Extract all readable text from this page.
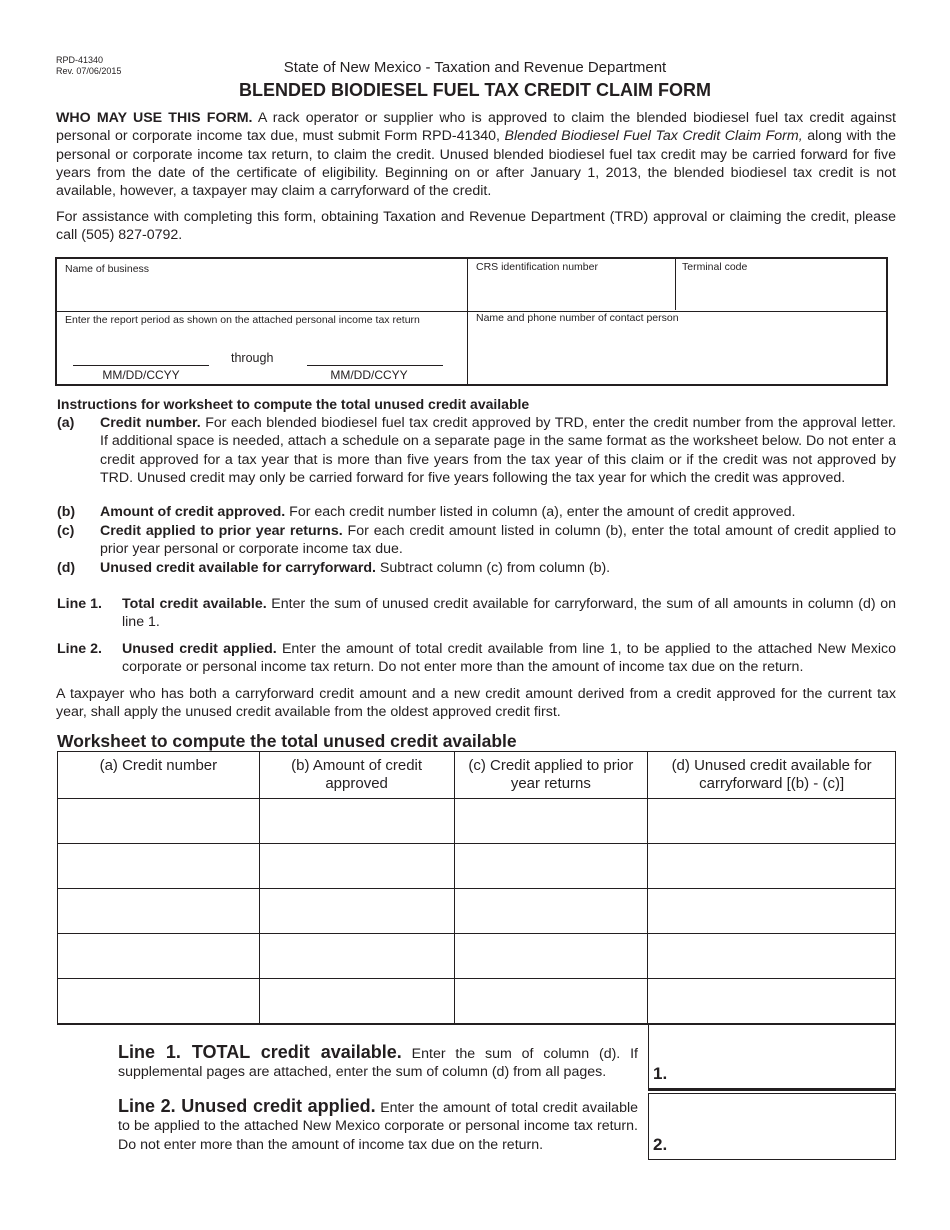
RPD-41340
Rev. 07/06/2015	State of New Mexico - Taxation and Revenue Department
BLENDED BIODIESEL FUEL TAX CREDIT CLAIM FORM
WHO MAY USE THIS FORM. A rack operator or supplier who is approved to claim the blended biodiesel fuel tax credit against personal or corporate income tax due, must submit Form RPD-41340, Blended Biodiesel Fuel Tax Credit Claim Form, along with the personal or corporate income tax return, to claim the credit. Unused blended biodiesel fuel tax credit may be carried forward for five years from the date of the certificate of eligibility. Beginning on or after January 1, 2013, the blended biodiesel tax credit is not available, however, a taxpayer may claim a carryforward of the credit.
For assistance with completing this form, obtaining Taxation and Revenue Department (TRD) approval or claiming the credit, please call (505) 827-0792.
Name of business	CRS identification number	Terminal code
Enter the report period as shown on the attached personal income tax return
through
MM/DD/CCYY	MM/DD/CCYY
Name and phone number of contact person
Instructions for worksheet to compute the total unused credit available
(a) Credit number. For each blended biodiesel fuel tax credit approved by TRD, enter the credit number from the approval letter. If additional space is needed, attach a schedule on a separate page in the same format as the worksheet below. Do not enter a credit approved for a tax year that is more than five years from the tax year of this claim or if the credit was not approved by TRD. Unused credit may only be carried forward for five years following the tax year for which the credit was approved.
(b) Amount of credit approved. For each credit number listed in column (a), enter the amount of credit approved.
(c) Credit applied to prior year returns. For each credit amount listed in column (b), enter the total amount of credit applied to prior year personal or corporate income tax due.
(d) Unused credit available for carryforward. Subtract column (c) from column (b).
Line 1. Total credit available. Enter the sum of unused credit available for carryforward, the sum of all amounts in column (d) on line 1.
Line 2. Unused credit applied. Enter the amount of total credit available from line 1, to be applied to the attached New Mexico corporate or personal income tax return. Do not enter more than the amount of income tax due on the return.
A taxpayer who has both a carryforward credit amount and a new credit amount derived from a credit approved for the current tax year, shall apply the unused credit available from the oldest approved credit first.
Worksheet to compute the total unused credit available
(a) Credit number	(b) Amount of credit approved	(c) Credit applied to prior year returns	(d) Unused credit available for carryforward [(b) - (c)]

Line 1. TOTAL credit available. Enter the sum of column (d). If supplemental pages are attached, enter the sum of column (d) from all pages.	1.
Line 2. Unused credit applied. Enter the amount of total credit available to be applied to the attached New Mexico corporate or personal income tax return. Do not enter more than the amount of income tax due on the return.	2.
